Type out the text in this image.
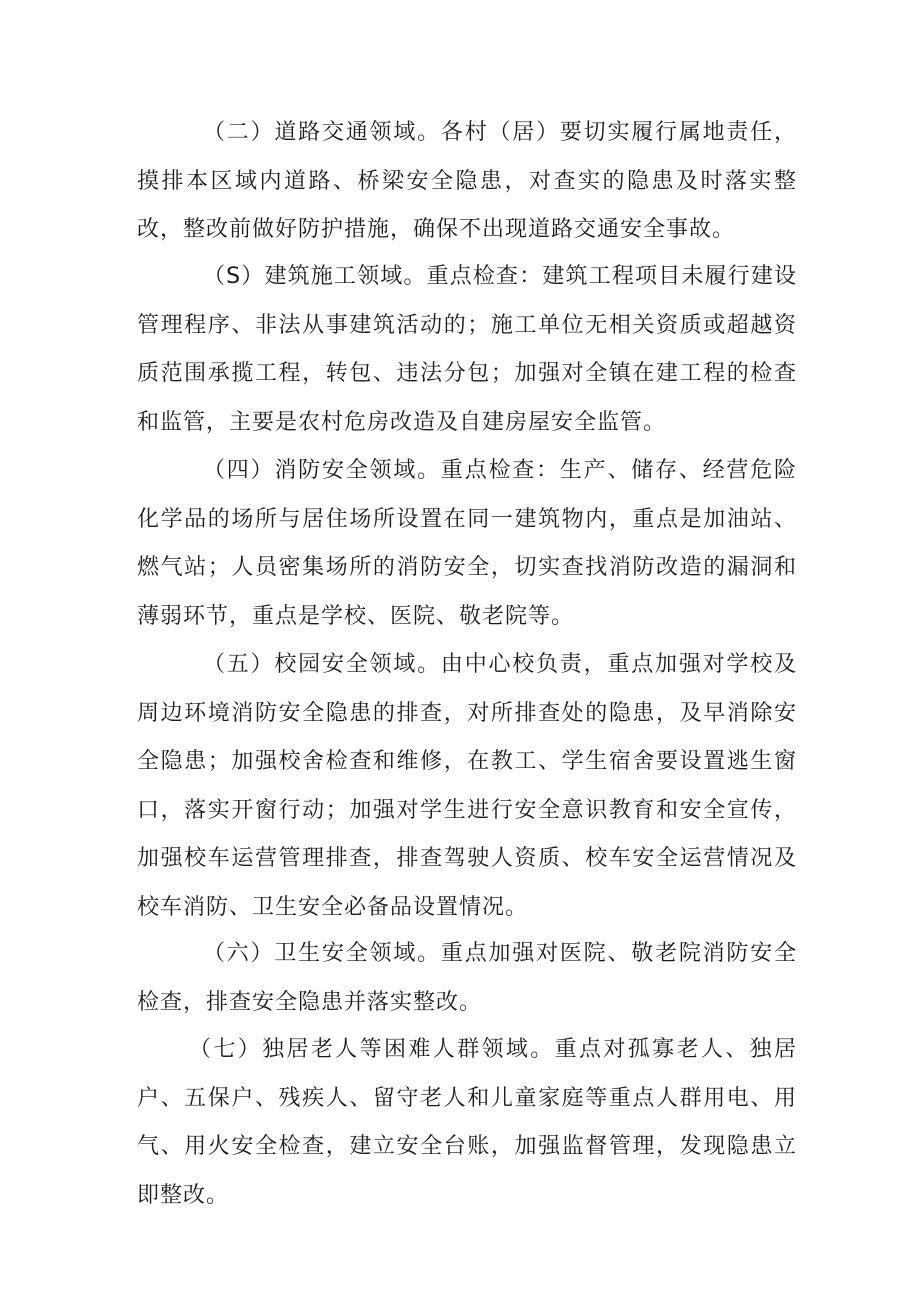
（二）道路交通领域。各村（居）要切实履行属地责任，摸排本区域内道路、桥梁安全隐患，对查实的隐患及时落实整改，整改前做好防护措施，确保不出现道路交通安全事故。

（S）建筑施工领域。重点检查：建筑工程项目未履行建设管理程序、非法从事建筑活动的；施工单位无相关资质或超越资质范围承揽工程，转包、违法分包；加强对全镇在建工程的检查和监管，主要是农村危房改造及自建房屋安全监管。

（四）消防安全领域。重点检查：生产、储存、经营危险化学品的场所与居住场所设置在同一建筑物内，重点是加油站、燃气站；人员密集场所的消防安全，切实查找消防改造的漏洞和薄弱环节，重点是学校、医院、敬老院等。

（五）校园安全领域。由中心校负责，重点加强对学校及周边环境消防安全隐患的排查，对所排查处的隐患，及早消除安全隐患；加强校舍检查和维修，在教工、学生宿舍要设置逃生窗口，落实开窗行动；加强对学生进行安全意识教育和安全宣传，加强校车运营管理排查，排查驾驶人资质、校车安全运营情况及校车消防、卫生安全必备品设置情况。

（六）卫生安全领域。重点加强对医院、敬老院消防安全检查，排查安全隐患并落实整改。

（七）独居老人等困难人群领域。重点对孤寡老人、独居户、五保户、残疾人、留守老人和儿童家庭等重点人群用电、用气、用火安全检查，建立安全台账，加强监督管理，发现隐患立即整改。
